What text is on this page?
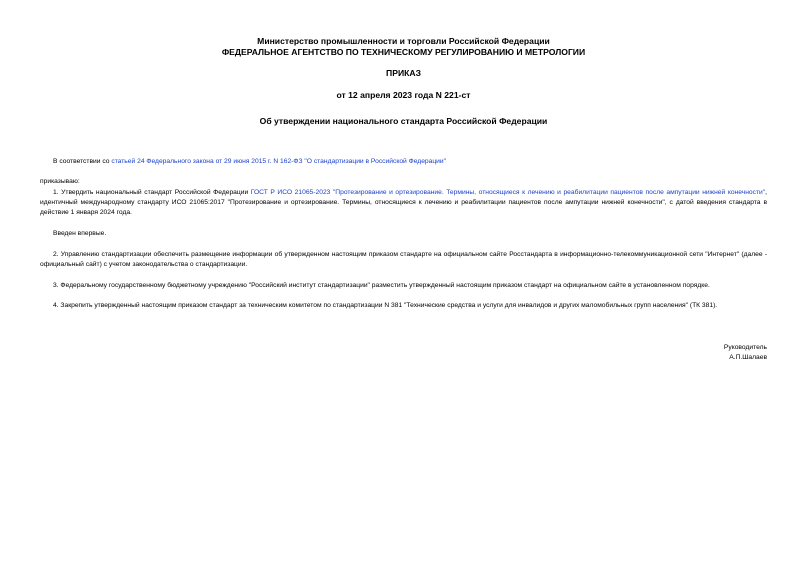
Министерство промышленности и торговли Российской Федерации
ФЕДЕРАЛЬНОЕ АГЕНТСТВО ПО ТЕХНИЧЕСКОМУ РЕГУЛИРОВАНИЮ И МЕТРОЛОГИИ
ПРИКАЗ
от 12 апреля 2023 года N 221-ст
Об утверждении национального стандарта Российской Федерации
В соответствии со статьей 24 Федерального закона от 29 июня 2015 г. N 162-ФЗ "О стандартизации в Российской Федерации"
приказываю:
1. Утвердить национальный стандарт Российской Федерации ГОСТ Р ИСО 21065-2023 "Протезирование и ортезирование. Термины, относящиеся к лечению и реабилитации пациентов после ампутации нижней конечности", идентичный международному стандарту ИСО 21065:2017 "Протезирование и ортезирование. Термины, относящиеся к лечению и реабилитации пациентов после ампутации нижней конечности", с датой введения стандарта в действие 1 января 2024 года.
Введен впервые.
2. Управлению стандартизации обеспечить размещение информации об утвержденном настоящим приказом стандарте на официальном сайте Росстандарта в информационно-телекоммуникационной сети "Интернет" (далее - официальный сайт) с учетом законодательства о стандартизации.
3. Федеральному государственному бюджетному учреждению "Российский институт стандартизации" разместить утвержденный настоящим приказом стандарт на официальном сайте в установленном порядке.
4. Закрепить утвержденный настоящим приказом стандарт за техническим комитетом по стандартизации N 381 "Технические средства и услуги для инвалидов и других маломобильных групп населения" (ТК 381).
Руководитель
А.П.Шалаев
